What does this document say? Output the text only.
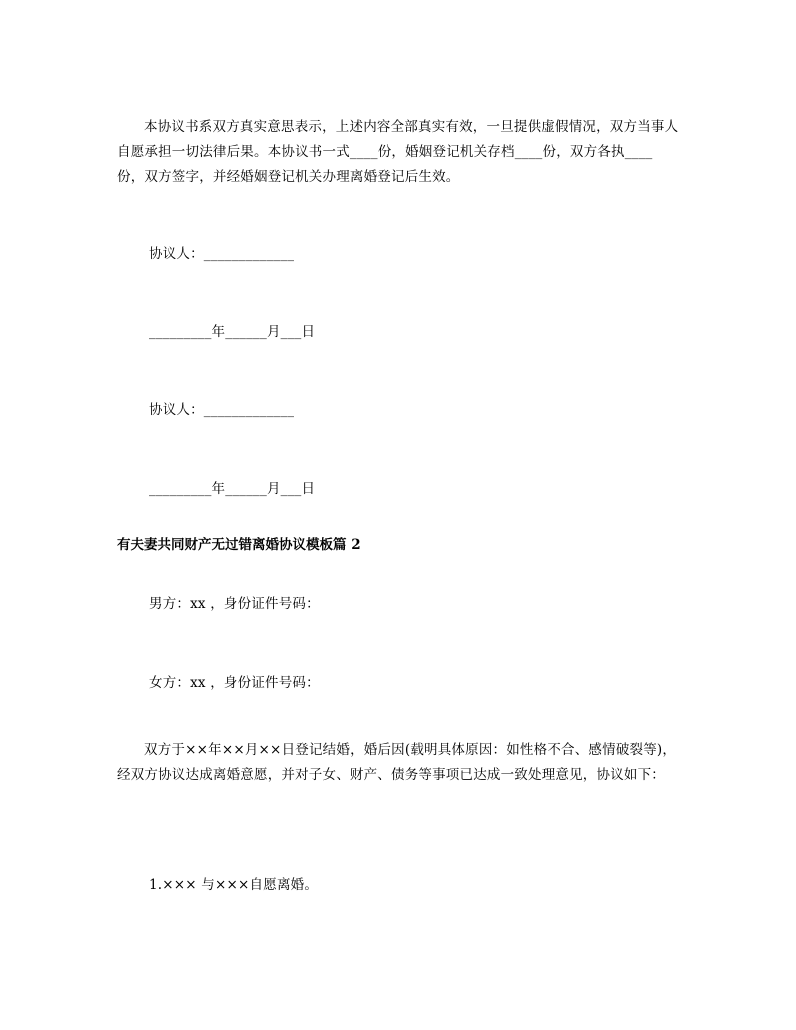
本协议书系双方真实意思表示，上述内容全部真实有效，一旦提供虚假情况，双方当事人自愿承担一切法律后果。本协议书一式____份，婚姻登记机关存档____份，双方各执____份，双方签字，并经婚姻登记机关办理离婚登记后生效。

协议人：_____________

_________年______月___日

协议人：_____________

_________年______月___日

有夫妻共同财产无过错离婚协议模板篇 2

男方：xx ，身份证件号码：

女方：xx ，身份证件号码：

双方于××年××月××日登记结婚，婚后因(载明具体原因：如性格不合、感情破裂等)，经双方协议达成离婚意愿，并对子女、财产、债务等事项已达成一致处理意见，协议如下：

1.××× 与×××自愿离婚。
